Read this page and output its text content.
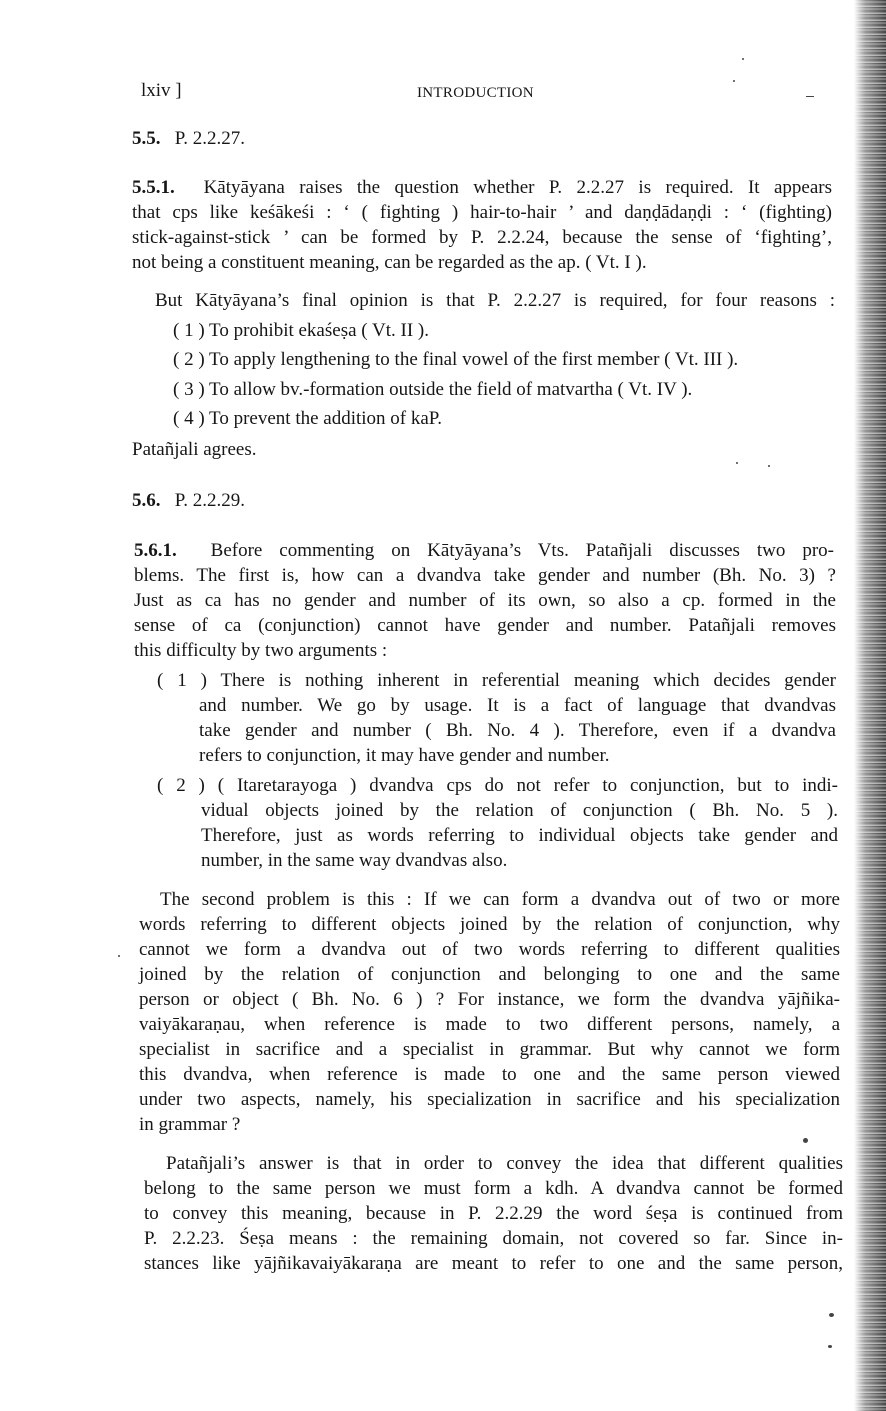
lxiv ]	INTRODUCTION
5.5. P. 2.2.27.
5.5.1. Kātyāyana raises the question whether P. 2.2.27 is required. It appears
that cps like keśākeśi : ‘ ( fighting ) hair-to-hair ’ and daṇḍādaṇḍi : ‘ (fighting)
stick-against-stick ’ can be formed by P. 2.2.24, because the sense of ‘fighting’,
not being a constituent meaning, can be regarded as the ap. ( Vt. I ).
But Kātyāyana’s final opinion is that P. 2.2.27 is required, for four reasons :
( 1 ) To prohibit ekaśeṣa ( Vt. II ).
( 2 ) To apply lengthening to the final vowel of the first member ( Vt. III ).
( 3 ) To allow bv.-formation outside the field of matvartha ( Vt. IV ).
( 4 ) To prevent the addition of kaP.
Patañjali agrees.
5.6. P. 2.2.29.
5.6.1. Before commenting on Kātyāyana’s Vts. Patañjali discusses two pro-
blems. The first is, how can a dvandva take gender and number (Bh. No. 3) ?
Just as ca has no gender and number of its own, so also a cp. formed in the
sense of ca (conjunction) cannot have gender and number. Patañjali removes
this difficulty by two arguments :
( 1 ) There is nothing inherent in referential meaning which decides gender
and number. We go by usage. It is a fact of language that dvandvas
take gender and number ( Bh. No. 4 ). Therefore, even if a dvandva
refers to conjunction, it may have gender and number.
( 2 ) ( Itaretarayoga ) dvandva cps do not refer to conjunction, but to indi-
vidual objects joined by the relation of conjunction ( Bh. No. 5 ).
Therefore, just as words referring to individual objects take gender and
number, in the same way dvandvas also.
The second problem is this : If we can form a dvandva out of two or more
words referring to different objects joined by the relation of conjunction, why
cannot we form a dvandva out of two words referring to different qualities
joined by the relation of conjunction and belonging to one and the same
person or object ( Bh. No. 6 ) ? For instance, we form the dvandva yājñika-
vaiyākaraṇau, when reference is made to two different persons, namely, a
specialist in sacrifice and a specialist in grammar. But why cannot we form
this dvandva, when reference is made to one and the same person viewed
under two aspects, namely, his specialization in sacrifice and his specialization
in grammar ?
Patañjali’s answer is that in order to convey the idea that different qualities
belong to the same person we must form a kdh. A dvandva cannot be formed
to convey this meaning, because in P. 2.2.29 the word śeṣa is continued from
P. 2.2.23. Śeṣa means : the remaining domain, not covered so far. Since in-
stances like yājñikavaiyākaraṇa are meant to refer to one and the same person,
